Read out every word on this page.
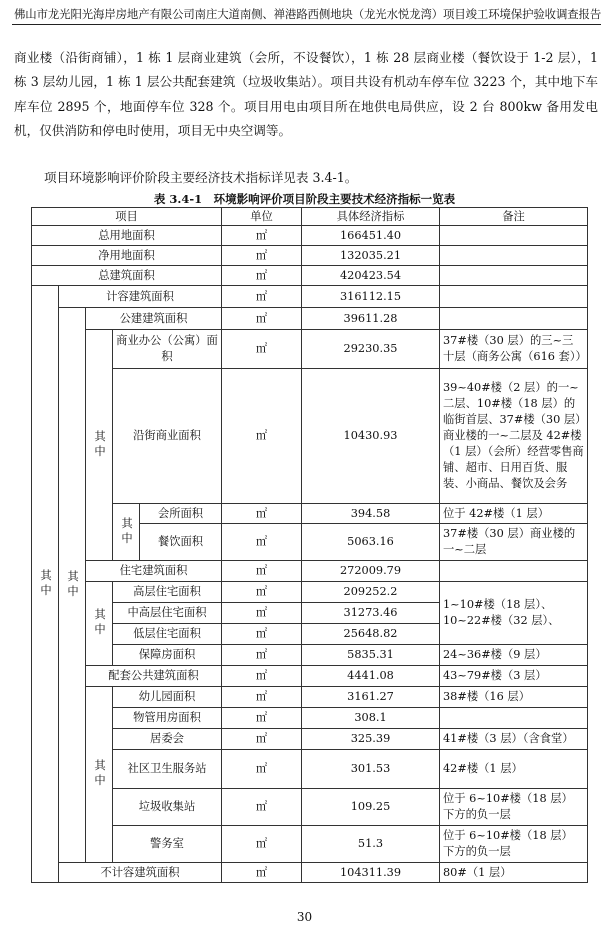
佛山市龙光阳光海岸房地产有限公司南庄大道南侧、禅港路西侧地块（龙光水悦龙湾）项目竣工环境保护验收调查报告

商业楼（沿街商铺），1 栋 1 层商业建筑（会所，不设餐饮），1 栋 28 层商业楼（餐饮设于 1-2 层），1 栋 3 层幼儿园，1 栋 1 层公共配套建筑（垃圾收集站）。项目共设有机动车停车位 3223 个，其中地下车库车位 2895 个，地面停车位 328 个。项目用电由项目所在地供电局供应，设 2 台 800kw 备用发电机，仅供消防和停电时使用，项目无中央空调等。

项目环境影响评价阶段主要经济技术指标详见表 3.4-1。

表 3.4-1　环境影响评价项目阶段主要技术经济指标一览表
项目					单位	具体经济指标	备注
总用地面积					㎡	166451.40	
净用地面积					㎡	132035.21	
总建筑面积					㎡	420423.54	
其中	计容建筑面积				㎡	316112.15	
	其中	公建建筑面积			㎡	39611.28	
		其中	商业办公（公寓）面积		㎡	29230.35	37#楼（30 层）的三~三十层（商务公寓（616 套））
			沿街商业面积		㎡	10430.93	39~40#楼（2 层）的一~二层、10#楼（18 层）的临街首层、37#楼（30 层）商业楼的一~二层及 42#楼（1 层）（会所）经营零售商铺、超市、日用百货、服装、小商品、餐饮及会务
			其中	会所面积	㎡	394.58	位于 42#楼（1 层）
				餐饮面积	㎡	5063.16	37#楼（30 层）商业楼的一~二层
		住宅建筑面积			㎡	272009.79	
		其中	高层住宅面积		㎡	209252.2	1~10#楼（18 层）、10~22#楼（32 层）、
			中高层住宅面积		㎡	31273.46	
			低层住宅面积		㎡	25648.82	
			保障房面积		㎡	5835.31	24~36#楼（9 层）
		配套公共建筑面积			㎡	4441.08	43~79#楼（3 层）
		其中	幼儿园面积		㎡	3161.27	38#楼（16 层）
			物管用房面积		㎡	308.1	
			居委会		㎡	325.39	41#楼（3 层）（含食堂）
			社区卫生服务站		㎡	301.53	42#楼（1 层）
			垃圾收集站		㎡	109.25	位于 6~10#楼（18 层）下方的负一层
			警务室		㎡	51.3	位于 6~10#楼（18 层）下方的负一层
	不计容建筑面积				㎡	104311.39	80#（1 层）
30
